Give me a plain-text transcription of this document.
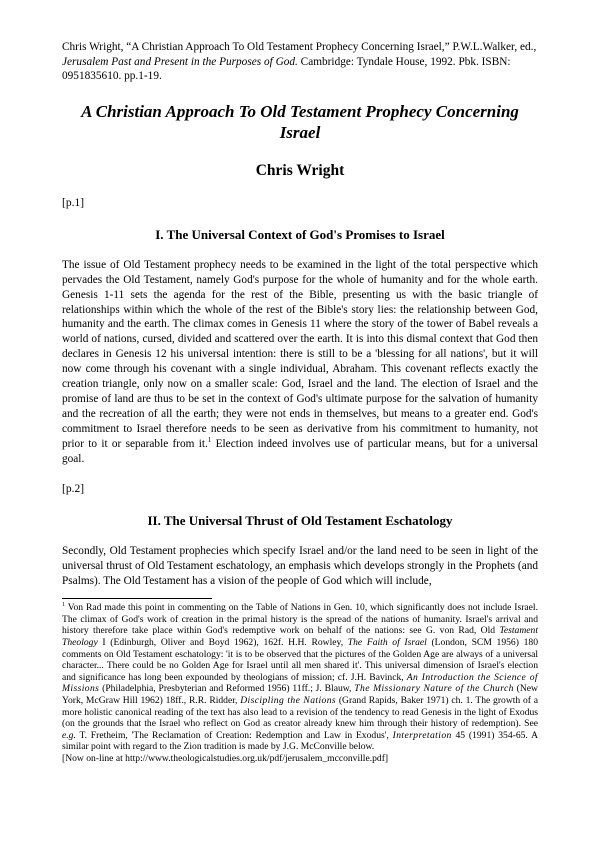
Chris Wright, “A Christian Approach To Old Testament Prophecy Concerning Israel,” P.W.L.Walker, ed., Jerusalem Past and Present in the Purposes of God. Cambridge: Tyndale House, 1992. Pbk. ISBN: 0951835610. pp.1-19.

A Christian Approach To Old Testament Prophecy Concerning Israel
Chris Wright

[p.1]

I. The Universal Context of God's Promises to Israel

The issue of Old Testament prophecy needs to be examined in the light of the total perspective which pervades the Old Testament, namely God's purpose for the whole of humanity and for the whole earth. Genesis 1-11 sets the agenda for the rest of the Bible, presenting us with the basic triangle of relationships within which the whole of the rest of the Bible's story lies: the relationship between God, humanity and the earth. The climax comes in Genesis 11 where the story of the tower of Babel reveals a world of nations, cursed, divided and scattered over the earth. It is into this dismal context that God then declares in Genesis 12 his universal intention: there is still to be a 'blessing for all nations', but it will now come through his covenant with a single individual, Abraham. This covenant reflects exactly the creation triangle, only now on a smaller scale: God, Israel and the land. The election of Israel and the promise of land are thus to be set in the context of God's ultimate purpose for the salvation of humanity and the recreation of all the earth; they were not ends in themselves, but means to a greater end. God's commitment to Israel therefore needs to be seen as derivative from his commitment to humanity, not prior to it or separable from it.$^1$ Election indeed involves use of particular means, but for a universal goal.

[p.2]

II. The Universal Thrust of Old Testament Eschatology

Secondly, Old Testament prophecies which specify Israel and/or the land need to be seen in light of the universal thrust of Old Testament eschatology, an emphasis which develops strongly in the Prophets (and Psalms). The Old Testament has a vision of the people of God which will include,

$^1$ Von Rad made this point in commenting on the Table of Nations in Gen. 10, which significantly does not include Israel. The climax of God's work of creation in the primal history is the spread of the nations of humanity. Israel's arrival and history therefore take place within God's redemptive work on behalf of the nations: see G. von Rad, Old Testament Theology I (Edinburgh, Oliver and Boyd 1962), 162f. H.H. Rowley, The Faith of Israel (London, SCM 1956) 180 comments on Old Testament eschatology: 'it is to be observed that the pictures of the Golden Age are always of a universal character... There could be no Golden Age for Israel until all men shared it'. This universal dimension of Israel's election and significance has long been expounded by theologians of mission; cf. J.H. Bavinck, An Introduction the Science of Missions (Philadelphia, Presbyterian and Reformed 1956) 11ff.; J. Blauw, The Missionary Nature of the Church (New York, McGraw Hill 1962) 18ff., R.R. Ridder, Discipling the Nations (Grand Rapids, Baker 1971) ch. 1. The growth of a more holistic canonical reading of the text has also lead to a revision of the tendency to read Genesis in the light of Exodus (on the grounds that the Israel who reflect on God as creator already knew him through their history of redemption). See e.g. T. Fretheim, 'The Reclamation of Creation: Redemption and Law in Exodus', Interpretation 45 (1991) 354-65. A similar point with regard to the Zion tradition is made by J.G. McConville below.

[Now on-line at http://www.theologicalstudies.org.uk/pdf/jerusalem_mcconville.pdf]
